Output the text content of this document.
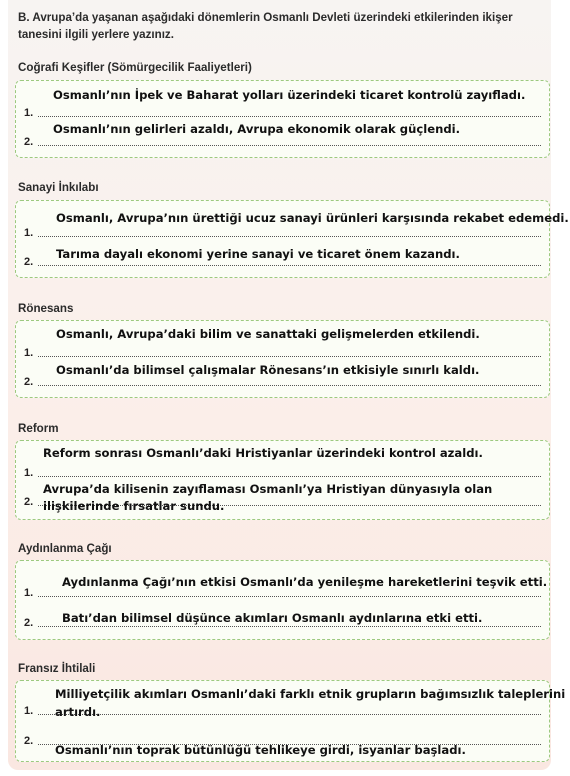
B. Avrupa’da yaşanan aşağıdaki dönemlerin Osmanlı Devleti üzerindeki etkilerinden ikişer tanesini ilgili yerlere yazınız.
Coğrafi Keşifler (Sömürgecilik Faaliyetleri)
1.
2.
Osmanlı’nın İpek ve Baharat yolları üzerindeki ticaret kontrolü zayıfladı.
Osmanlı’nın gelirleri azaldı, Avrupa ekonomik olarak güçlendi.
Sanayi İnkılabı
1.
2.
Osmanlı, Avrupa’nın ürettiği ucuz sanayi ürünleri karşısında rekabet edemedi.
Tarıma dayalı ekonomi yerine sanayi ve ticaret önem kazandı.
Rönesans
1.
2.
Osmanlı, Avrupa’daki bilim ve sanattaki gelişmelerden etkilendi.
Osmanlı’da bilimsel çalışmalar Rönesans’ın etkisiyle sınırlı kaldı.
Reform
1.
2.
Reform sonrası Osmanlı’daki Hristiyanlar üzerindeki kontrol azaldı.
Avrupa’da kilisenin zayıflaması Osmanlı’ya Hristiyan dünyasıyla olan
ilişkilerinde fırsatlar sundu.
Aydınlanma Çağı
1.
2.
Aydınlanma Çağı’nın etkisi Osmanlı’da yenileşme hareketlerini teşvik etti.
Batı’dan bilimsel düşünce akımları Osmanlı aydınlarına etki etti.
Fransız İhtilali
1.
2.
Milliyetçilik akımları Osmanlı’daki farklı etnik grupların bağımsızlık taleplerini
artırdı.
Osmanlı’nın toprak bütünlüğü tehlikeye girdi, isyanlar başladı.
